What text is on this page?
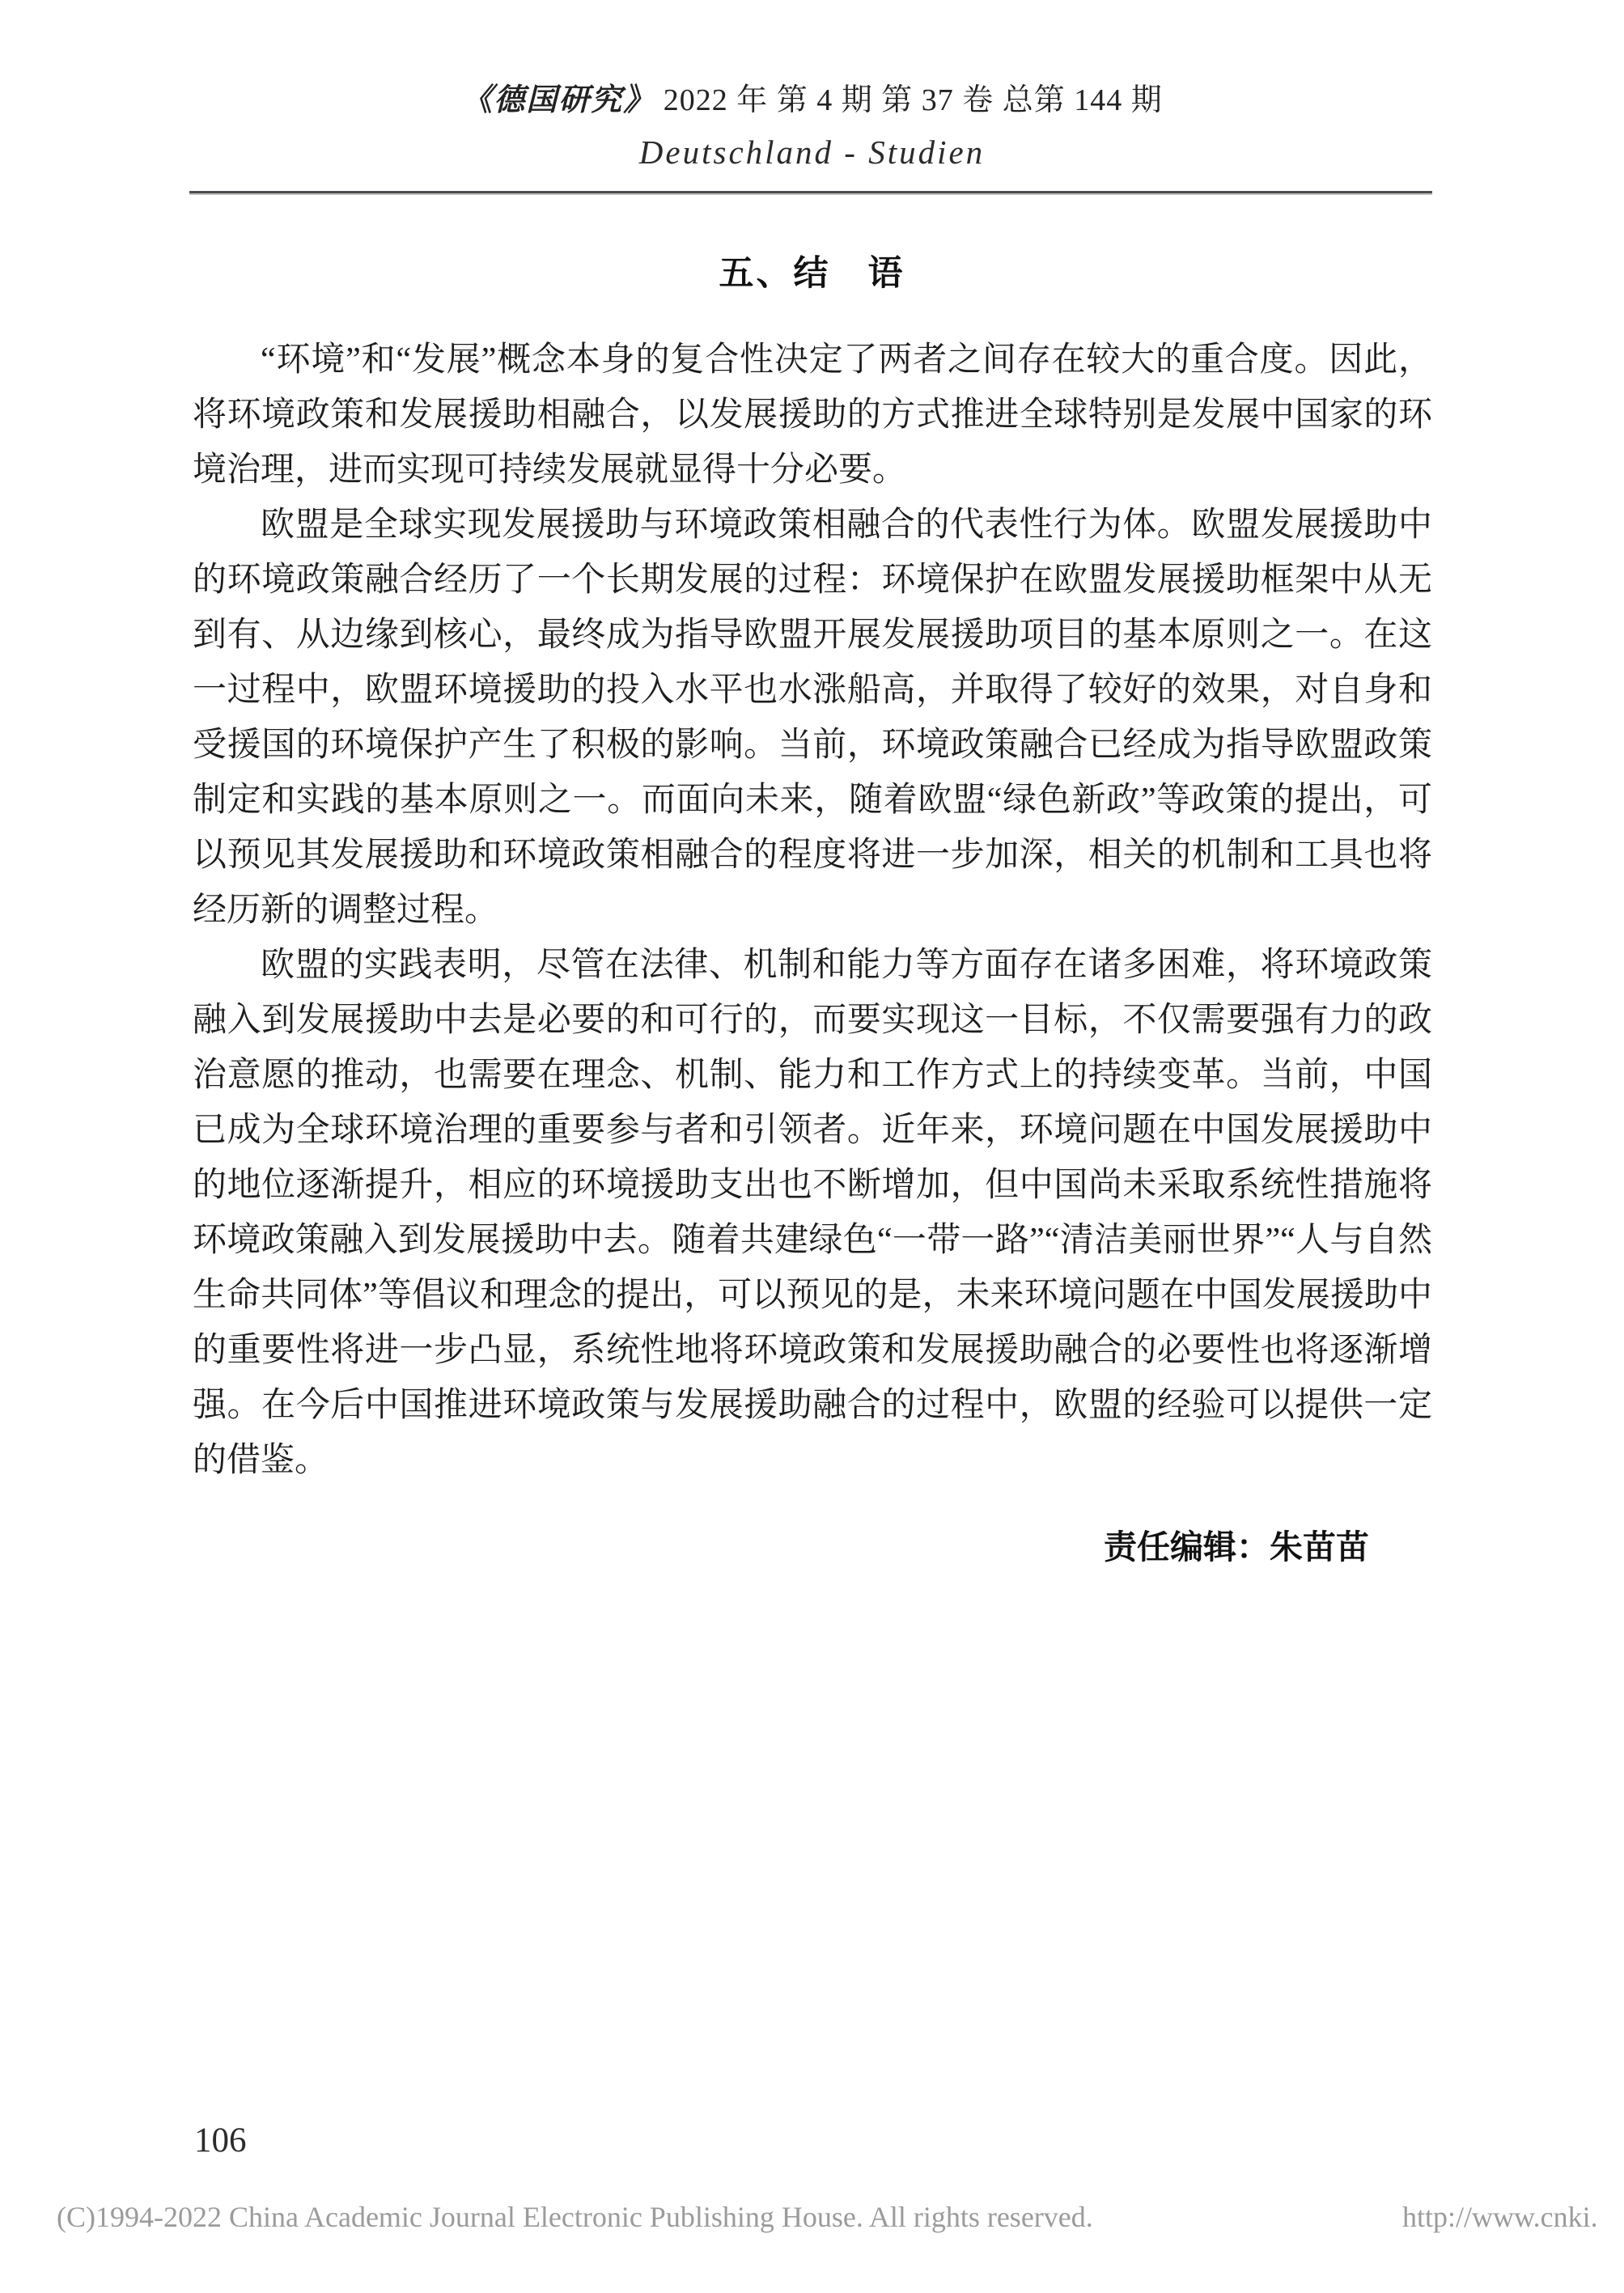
《德国研究》 2022 年 第 4 期 第 37 卷 总第 144 期
Deutschland - Studien
五、结　语

“环境”和“发展”概念本身的复合性决定了两者之间存在较大的重合度。因此，将环境政策和发展援助相融合，以发展援助的方式推进全球特别是发展中国家的环境治理，进而实现可持续发展就显得十分必要。

欧盟是全球实现发展援助与环境政策相融合的代表性行为体。欧盟发展援助中的环境政策融合经历了一个长期发展的过程：环境保护在欧盟发展援助框架中从无到有、从边缘到核心，最终成为指导欧盟开展发展援助项目的基本原则之一。在这一过程中，欧盟环境援助的投入水平也水涨船高，并取得了较好的效果，对自身和受援国的环境保护产生了积极的影响。当前，环境政策融合已经成为指导欧盟政策制定和实践的基本原则之一。而面向未来，随着欧盟“绿色新政”等政策的提出，可以预见其发展援助和环境政策相融合的程度将进一步加深，相关的机制和工具也将经历新的调整过程。

欧盟的实践表明，尽管在法律、机制和能力等方面存在诸多困难，将环境政策融入到发展援助中去是必要的和可行的，而要实现这一目标，不仅需要强有力的政治意愿的推动，也需要在理念、机制、能力和工作方式上的持续变革。当前，中国已成为全球环境治理的重要参与者和引领者。近年来，环境问题在中国发展援助中的地位逐渐提升，相应的环境援助支出也不断增加，但中国尚未采取系统性措施将环境政策融入到发展援助中去。随着共建绿色“一带一路”“清洁美丽世界”“人与自然生命共同体”等倡议和理念的提出，可以预见的是，未来环境问题在中国发展援助中的重要性将进一步凸显，系统性地将环境政策和发展援助融合的必要性也将逐渐增强。在今后中国推进环境政策与发展援助融合的过程中，欧盟的经验可以提供一定的借鉴。

责任编辑：朱苗苗
106
(C)1994-2022 China Academic Journal Electronic Publishing House. All rights reserved.	http://www.cnki.
